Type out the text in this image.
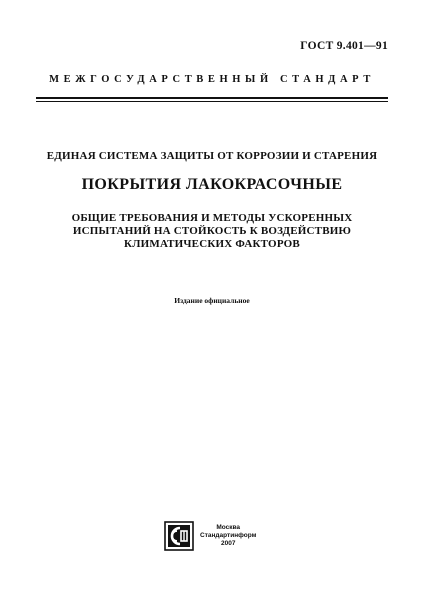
ГОСТ 9.401—91
МЕЖГОСУДАРСТВЕННЫЙ СТАНДАРТ
ЕДИНАЯ СИСТЕМА ЗАЩИТЫ ОТ КОРРОЗИИ И СТАРЕНИЯ
ПОКРЫТИЯ ЛАКОКРАСОЧНЫЕ
ОБЩИЕ ТРЕБОВАНИЯ И МЕТОДЫ УСКОРЕННЫХ
ИСПЫТАНИЙ НА СТОЙКОСТЬ К ВОЗДЕЙСТВИЮ
КЛИМАТИЧЕСКИХ ФАКТОРОВ
Издание официальное
Москва
Стандартинформ
2007
